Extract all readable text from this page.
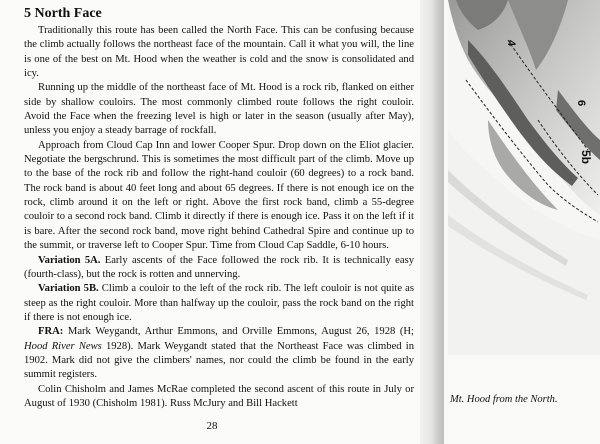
5 North Face

Traditionally this route has been called the North Face. This can be confusing because the climb actually follows the northeast face of the mountain. Call it what you will, the line is one of the best on Mt. Hood when the weather is cold and the snow is consolidated and icy.

Running up the middle of the northeast face of Mt. Hood is a rock rib, flanked on either side by shallow couloirs. The most commonly climbed route follows the right couloir. Avoid the Face when the freezing level is high or later in the season (usually after May), unless you enjoy a steady barrage of rockfall.

Approach from Cloud Cap Inn and lower Cooper Spur. Drop down on the Eliot glacier. Negotiate the bergschrund. This is sometimes the most difficult part of the climb. Move up to the base of the rock rib and follow the right-hand couloir (60 degrees) to a rock band. The rock band is about 40 feet long and about 65 degrees. If there is not enough ice on the rock, climb around it on the left or right. Above the first rock band, climb a 55-degree couloir to a second rock band. Climb it directly if there is enough ice. Pass it on the left if it is bare. After the second rock band, move right behind Cathedral Spire and continue up to the summit, or traverse left to Cooper Spur. Time from Cloud Cap Saddle, 6-10 hours.

Variation 5A. Early ascents of the Face followed the rock rib. It is technically easy (fourth-class), but the rock is rotten and unnerving.

Variation 5B. Climb a couloir to the left of the rock rib. The left couloir is not quite as steep as the right couloir. More than halfway up the couloir, pass the rock band on the right if there is not enough ice.

FRA: Mark Weygandt, Arthur Emmons, and Orville Emmons, August 26, 1928 (H; Hood River News 1928). Mark Weygandt stated that the Northeast Face was climbed in 1902. Mark did not give the climbers' names, nor could the climb be found in the early summit registers.

Colin Chisholm and James McRae completed the second ascent of this route in July or August of 1930 (Chisholm 1981). Russ McJury and Bill Hackett

28
4
6
5b
Mt. Hood from the North.
